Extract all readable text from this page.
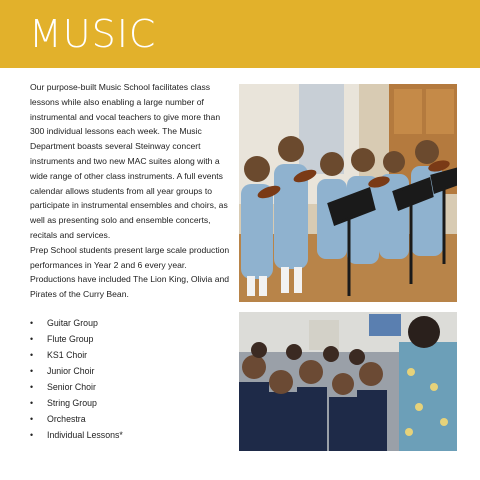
MUSIC

Our purpose-built Music School facilitates class lessons while also enabling a large number of instrumental and vocal teachers to give more than 300 individual lessons each week. The Music Department boasts several Steinway concert instruments and two new MAC suites along with a wide range of other class instruments. A full events calendar allows students from all year groups to participate in instrumental ensembles and choirs, as well as presenting solo and ensemble concerts, recitals and services.

Prep School students present large scale production performances in Year 2 and 6 every year. Productions have included The Lion King, Olivia and Pirates of the Curry Bean.

•	Guitar Group
•	Flute Group
•	KS1 Choir
•	Junior Choir
•	Senior Choir
•	String Group
•	Orchestra
•	Individual Lessons*
